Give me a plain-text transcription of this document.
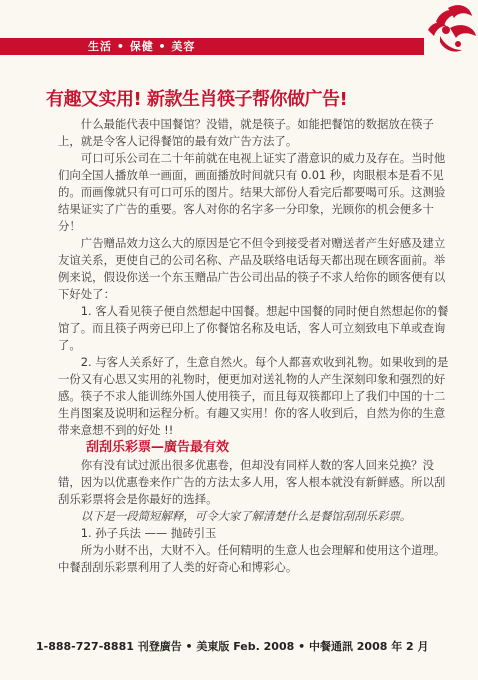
生活 • 保健 • 美容
有趣又实用! 新款生肖筷子帮你做广告!

什么最能代表中国餐馆？没错，就是筷子。如能把餐馆的数据放在筷子上，就是令客人记得餐馆的最有效广告方法了。

可口可乐公司在二十年前就在电视上证实了潜意识的威力及存在。当时他们向全国人播放单一画面，画面播放时间就只有 0.01 秒，肉眼根本是看不见的。而画像就只有可口可乐的图片。结果大部份人看完后都要喝可乐。这测验结果证实了广告的重要。客人对你的名字多一分印象，光顾你的机会便多十分！

广告赠品效力这么大的原因是它不但令到接受者对赠送者产生好感及建立友谊关系，更使自己的公司名称、产品及联络电话每天都出现在顾客面前。举例来说，假设你送一个东玉赠品广告公司出品的筷子不求人给你的顾客便有以下好处了：

1. 客人看见筷子便自然想起中国餐。想起中国餐的同时便自然想起你的餐馆了。而且筷子两旁已印上了你餐馆名称及电话，客人可立刻致电下单或查询了。

2. 与客人关系好了，生意自然火。每个人都喜欢收到礼物。如果收到的是一份又有心思又实用的礼物时，便更加对送礼物的人产生深刻印象和强烈的好感。筷子不求人能训练外国人使用筷子，而且每双筷都印上了我们中国的十二生肖图案及说明和运程分析。有趣又实用！你的客人收到后，自然为你的生意带来意想不到的好处 !!

刮刮乐彩票—廣告最有效

你有没有试过派出很多优惠卷，但却没有同样人数的客人回来兑换？没错，因为以优惠卷来作广告的方法太多人用，客人根本就没有新鲜感。所以刮刮乐彩票将会是你最好的选择。

以下是一段简短解释，可令大家了解清楚什么是餐馆刮刮乐彩票。

1. 孙子兵法 —— 抛砖引玉

所为小财不出，大财不入。任何精明的生意人也会理解和使用这个道理。中餐刮刮乐彩票利用了人类的好奇心和博彩心。

1-888-727-8881 刊登廣告 • 美東版 Feb. 2008 • 中餐通訊 2008 年 2 月
